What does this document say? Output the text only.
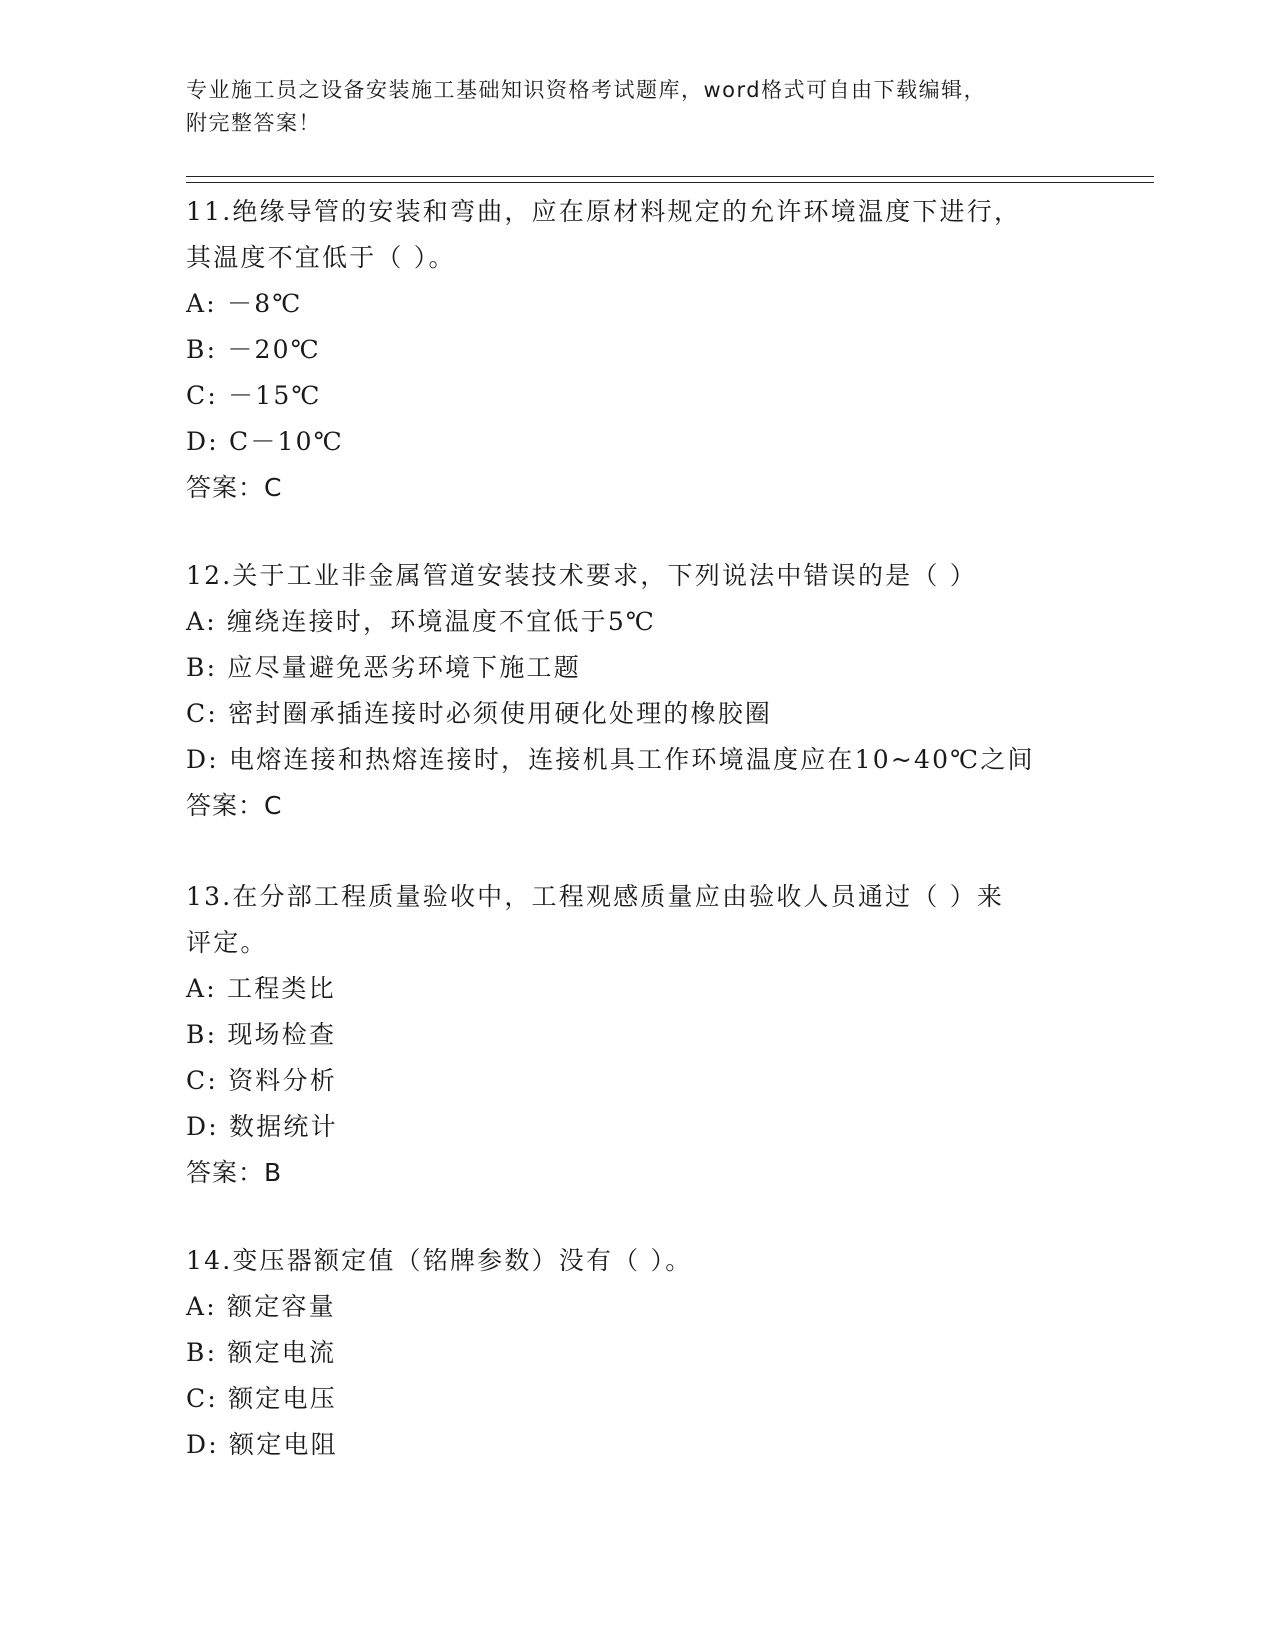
专业施工员之设备安装施工基础知识资格考试题库，word格式可自由下载编辑，
附完整答案！
11.绝缘导管的安装和弯曲，应在原材料规定的允许环境温度下进行，
其温度不宜低于（ ）。
A: －8℃
B: －20℃
C: －15℃
D: C－10℃
答案：C
12.关于工业非金属管道安装技术要求，下列说法中错误的是（ ）
A: 缠绕连接时，环境温度不宜低于5℃
B: 应尽量避免恶劣环境下施工题
C: 密封圈承插连接时必须使用硬化处理的橡胶圈
D: 电熔连接和热熔连接时，连接机具工作环境温度应在10~40℃之间
答案：C
13.在分部工程质量验收中，工程观感质量应由验收人员通过（ ）来
评定。
A: 工程类比
B: 现场检查
C: 资料分析
D: 数据统计
答案：B
14.变压器额定值（铭牌参数）没有（ ）。
A: 额定容量
B: 额定电流
C: 额定电压
D: 额定电阻
